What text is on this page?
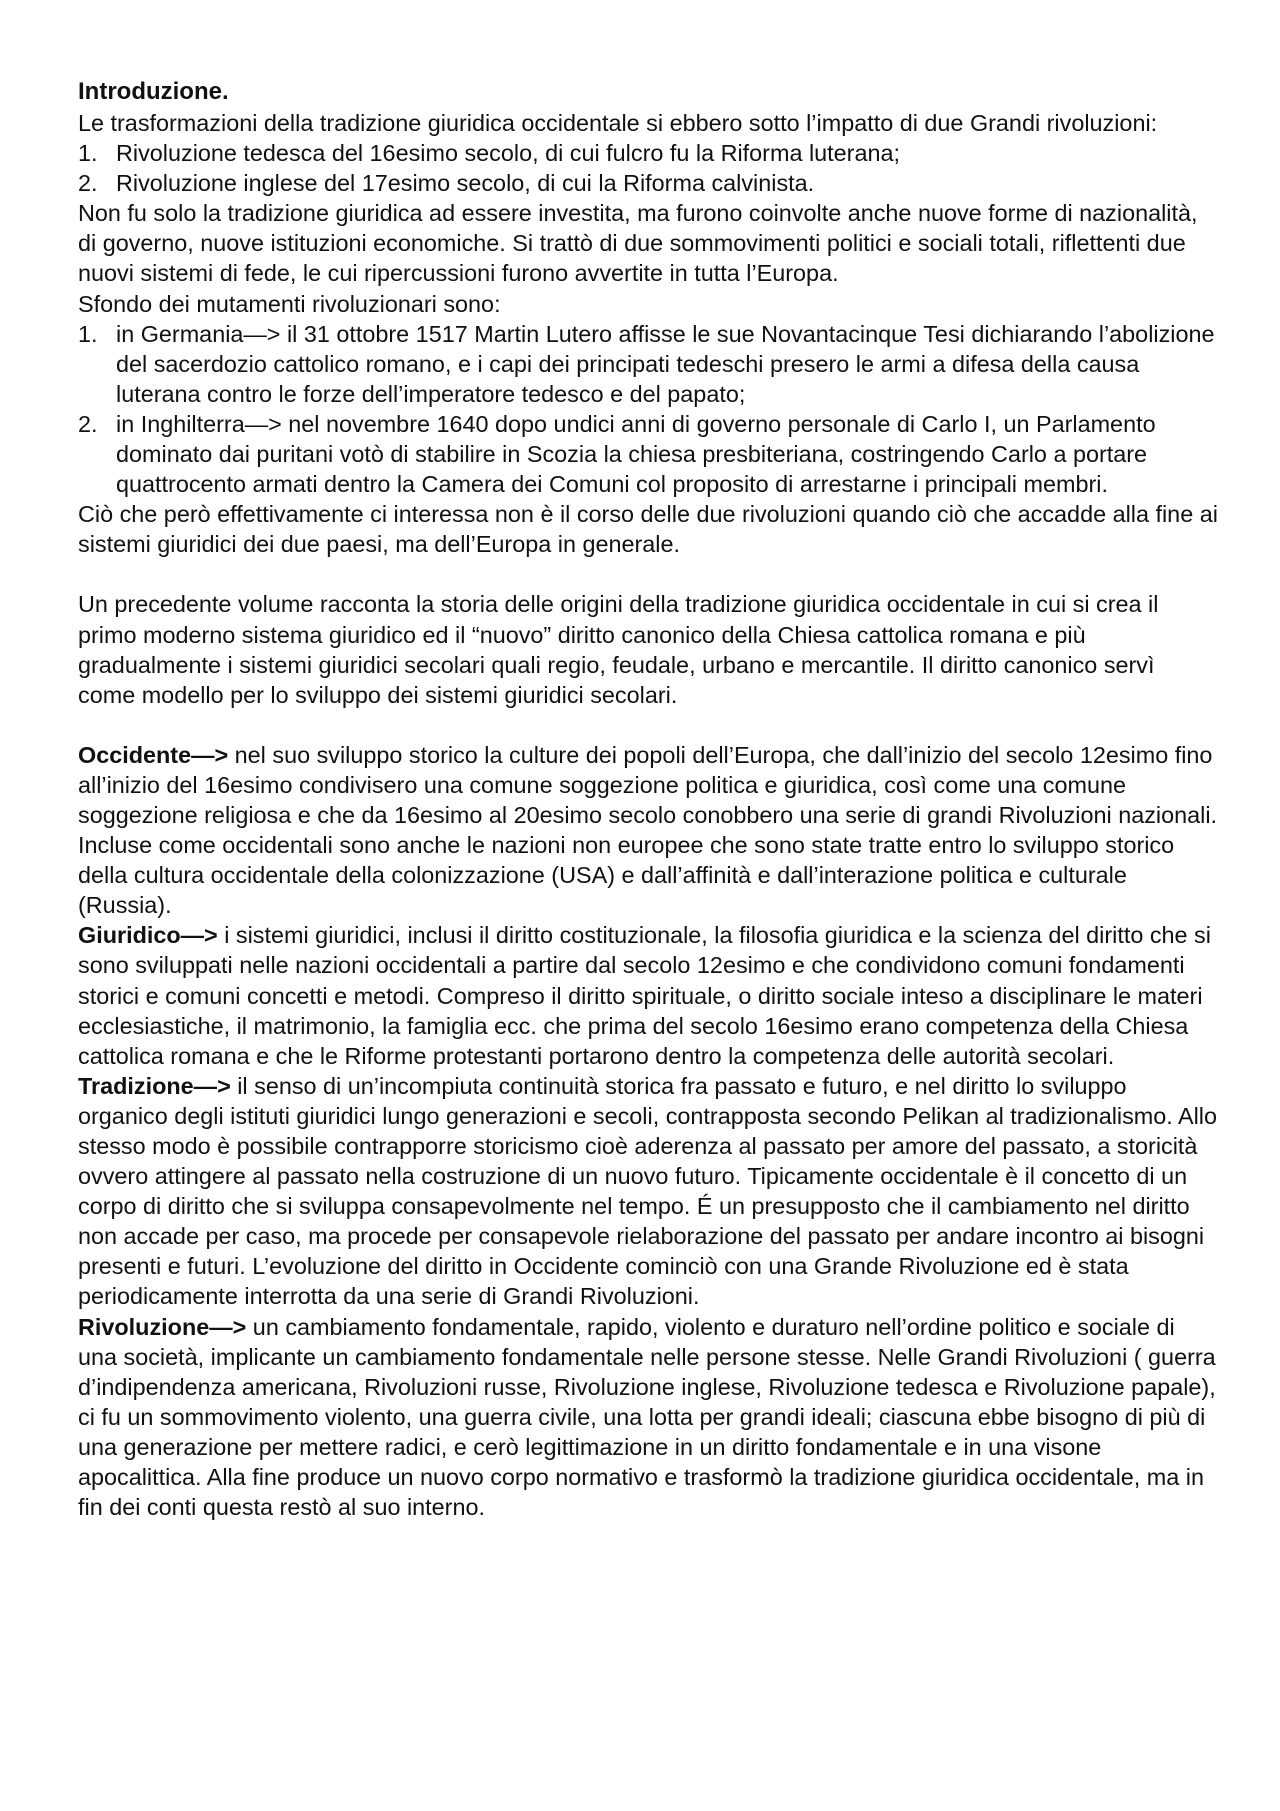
Introduzione.

Le trasformazioni della tradizione giuridica occidentale si ebbero sotto l’impatto di due Grandi rivoluzioni:

1. Rivoluzione tedesca del 16esimo secolo, di cui fulcro fu la Riforma luterana;
2. Rivoluzione inglese del 17esimo secolo, di cui la Riforma calvinista.

Non fu solo la tradizione giuridica ad essere investita, ma furono coinvolte anche nuove forme di nazionalità, di governo, nuove istituzioni economiche. Si trattò di due sommovimenti politici e sociali totali, riflettenti due nuovi sistemi di fede, le cui ripercussioni furono avvertite in tutta l’Europa.

Sfondo dei mutamenti rivoluzionari sono:

1. in Germania—> il 31 ottobre 1517 Martin Lutero affisse le sue Novantacinque Tesi dichiarando l’abolizione del sacerdozio cattolico romano, e i capi dei principati tedeschi presero le armi a difesa della causa luterana contro le forze dell’imperatore tedesco e del papato;
2. in Inghilterra—> nel novembre 1640 dopo undici anni di governo personale di Carlo I, un Parlamento dominato dai puritani votò di stabilire in Scozia la chiesa presbiteriana, costringendo Carlo a portare quattrocento armati dentro la Camera dei Comuni col proposito di arrestarne i principali membri.

Ciò che però effettivamente ci interessa non è il corso delle due rivoluzioni quando ciò che accadde alla fine ai sistemi giuridici dei due paesi, ma dell’Europa in generale.

Un precedente volume racconta la storia delle origini della tradizione giuridica occidentale in cui si crea il primo moderno sistema giuridico ed il “nuovo” diritto canonico della Chiesa cattolica romana e più gradualmente i sistemi giuridici secolari quali regio, feudale, urbano e mercantile. Il diritto canonico servì come modello per lo sviluppo dei sistemi giuridici secolari.

Occidente—> nel suo sviluppo storico la culture dei popoli dell’Europa, che dall’inizio del secolo 12esimo fino all’inizio del 16esimo condivisero una comune soggezione politica e giuridica, così come una comune soggezione religiosa e che da 16esimo al 20esimo secolo conobbero una serie di grandi Rivoluzioni nazionali. Incluse come occidentali sono anche le nazioni non europee che sono state tratte entro lo sviluppo storico della cultura occidentale della colonizzazione (USA) e dall’affinità e dall’interazione politica e culturale (Russia).

Giuridico—> i sistemi giuridici, inclusi il diritto costituzionale, la filosofia giuridica e la scienza del diritto che si sono sviluppati nelle nazioni occidentali a partire dal secolo 12esimo e che condividono comuni fondamenti storici e comuni concetti e metodi. Compreso il diritto spirituale, o diritto sociale inteso a disciplinare le materi ecclesiastiche, il matrimonio, la famiglia ecc. che prima del secolo 16esimo erano competenza della Chiesa cattolica romana e che le Riforme protestanti portarono dentro la competenza delle autorità secolari.

Tradizione—> il senso di un’incompiuta continuità storica fra passato e futuro, e nel diritto lo sviluppo organico degli istituti giuridici lungo generazioni e secoli, contrapposta secondo Pelikan al tradizionalismo. Allo stesso modo è possibile contrapporre storicismo cioè aderenza al passato per amore del passato, a storicità ovvero attingere al passato nella costruzione di un nuovo futuro. Tipicamente occidentale è il concetto di un corpo di diritto che si sviluppa consapevolmente nel tempo. É un presupposto che il cambiamento nel diritto non accade per caso, ma procede per consapevole rielaborazione del passato per andare incontro ai bisogni presenti e futuri. L’evoluzione del diritto in Occidente cominciò con una Grande Rivoluzione ed è stata periodicamente interrotta da una serie di Grandi Rivoluzioni.

Rivoluzione—> un cambiamento fondamentale, rapido, violento e duraturo nell’ordine politico e sociale di una società, implicante un cambiamento fondamentale nelle persone stesse. Nelle Grandi Rivoluzioni ( guerra d’indipendenza americana, Rivoluzioni russe, Rivoluzione inglese, Rivoluzione tedesca e Rivoluzione papale), ci fu un sommovimento violento, una guerra civile, una lotta per grandi ideali; ciascuna ebbe bisogno di più di una generazione per mettere radici, e cerò legittimazione in un diritto fondamentale e in una visone apocalittica. Alla fine produce un nuovo corpo normativo e trasformò la tradizione giuridica occidentale, ma in fin dei conti questa restò al suo interno.
